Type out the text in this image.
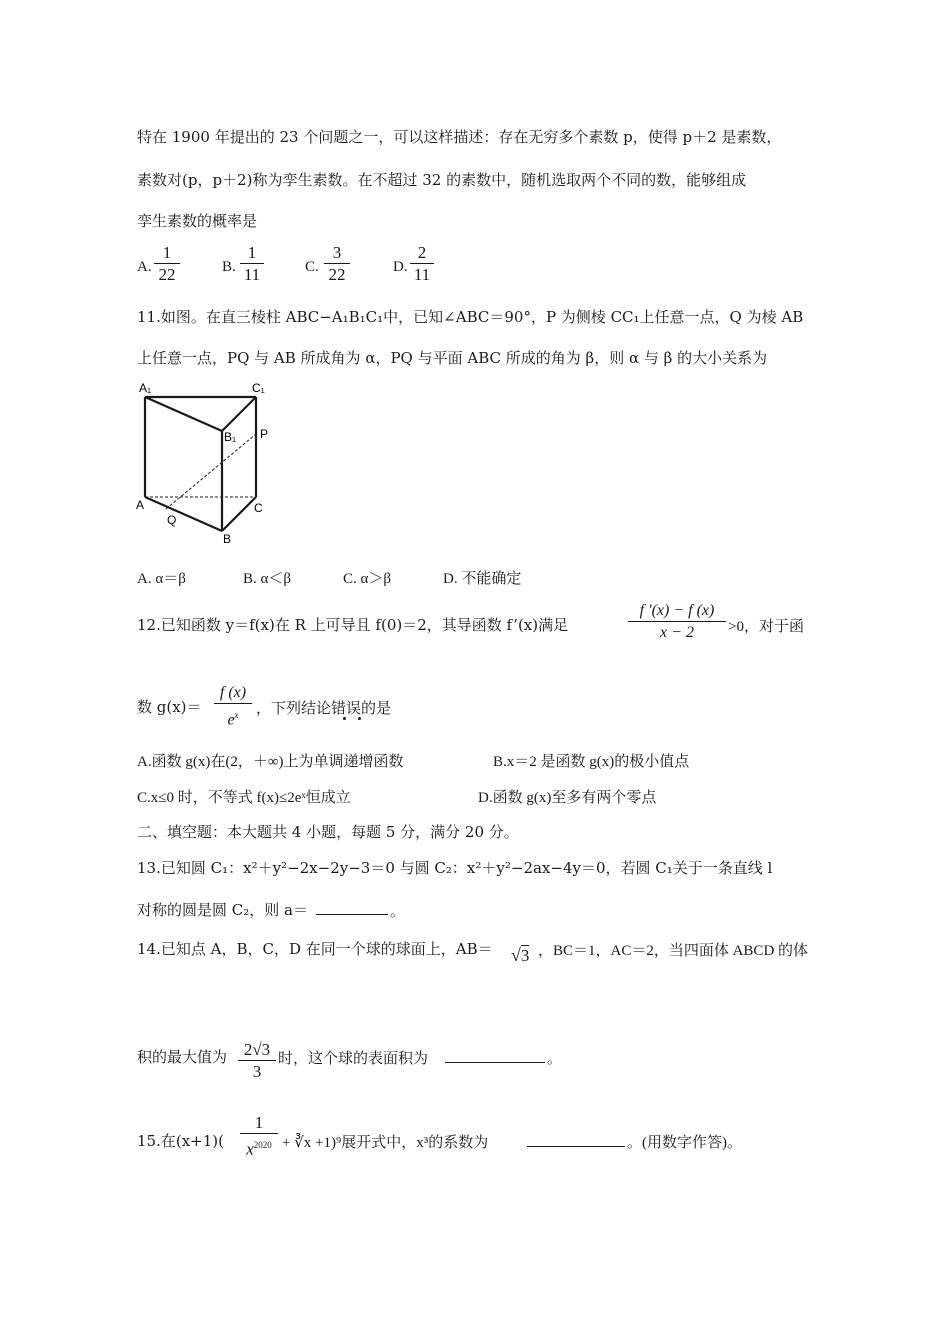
特在 1900 年提出的 23 个问题之一，可以这样描述：存在无穷多个素数 p，使得 p＋2 是素数，
素数对(p，p＋2)称为孪生素数。在不超过 32 的素数中，随机选取两个不同的数，能够组成
孪生素数的概率是
A.
1
22	B.
1
11	C.
3
22	D.
2
11
11.如图。在直三棱柱 ABC−A₁B₁C₁中，已知∠ABC＝90°，P 为侧棱 CC₁上任意一点，Q 为棱 AB
上任意一点，PQ 与 AB 所成角为 α，PQ 与平面 ABC 所成的角为 β，则 α 与 β 的大小关系为
A₁	C₁
B₁ P
A
Q
C
B
A. α＝β	B. α＜β	C. α＞β	D. 不能确定
12.已知函数 y＝f(x)在 R 上可导且 f(0)＝2，其导函数 f’(x)满足
f ′(x) − f (x)
x − 2	>0，对于函
数 g(x)＝
f (x)
$e^x$	，下列结论错误的是
A.函数 g(x)在(2，＋∞)上为单调递增函数	B.x＝2 是函数 g(x)的极小值点
C.x≤0 时，不等式 f(x)≤2eˣ恒成立	D.函数 g(x)至多有两个零点
二、填空题：本大题共 4 小题，每题 5 分，满分 20 分。
13.已知圆 C₁：x²＋y²−2x−2y−3＝0 与圆 C₂：x²＋y²−2ax−4y＝0，若圆 C₁关于一条直线 l
对称的圆是圆 C₂，则 a＝	。
14.已知点 A，B，C，D 在同一个球的球面上，AB＝ √3 ，BC＝1，AC＝2，当四面体 ABCD 的体
积的最大值为 2√3
3
时，这个球的表面积为	。
15.在(x+1)(
1
$x^{2020}$ + ∛x +1)⁹展开式中，x³的系数为	。(用数字作答)。
